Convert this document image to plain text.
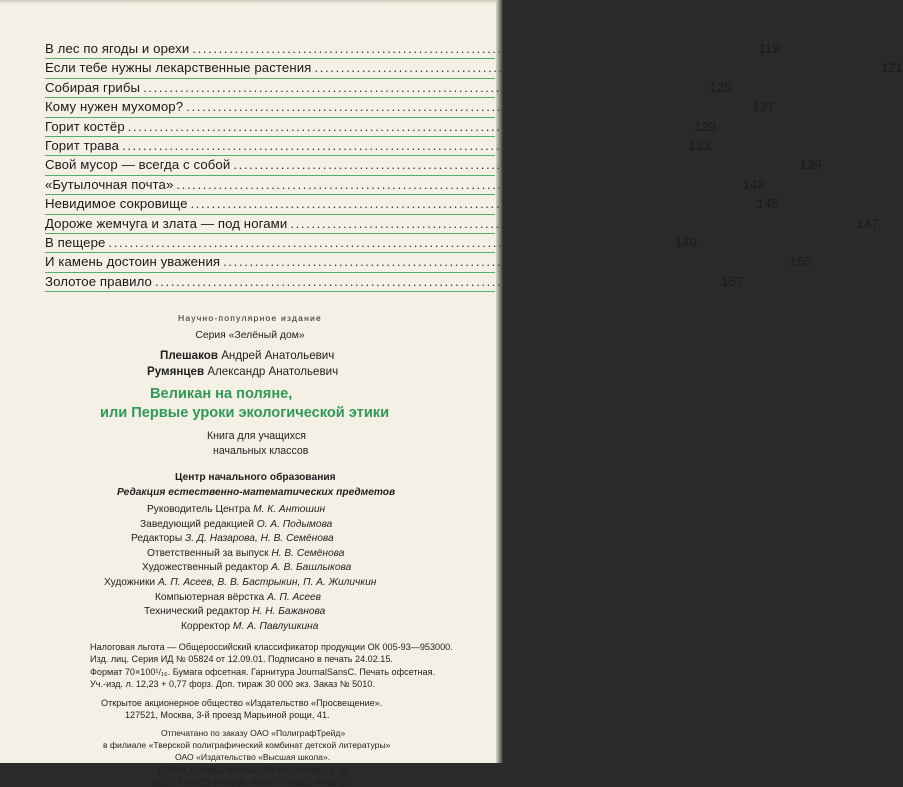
В лес по ягоды и орехи ........................................................................................................... 119
Если тебе нужны лекарственные растения ........................................................................................................... 121
Собирая грибы ........................................................................................................... 125
Кому нужен мухомор? ........................................................................................................... 127
Горит костёр ........................................................................................................... 129
Горит трава ........................................................................................................... 133
Свой мусор — всегда с собой ........................................................................................................... 139
«Бутылочная почта» ........................................................................................................... 143
Невидимое сокровище ........................................................................................................... 145
Дороже жемчуга и злата — под ногами ........................................................................................................... 147
В пещере ........................................................................................................... 149
И камень достоин уважения ........................................................................................................... 155
Золотое правило ........................................................................................................... 157
Научно-популярное издание
Серия «Зелёный дом»
Плешаков Андрей Анатольевич
Румянцев Александр Анатольевич
Великан на поляне,
или Первые уроки экологической этики
Книга для учащихся
начальных классов
Центр начального образования
Редакция естественно-математических предметов
Руководитель Центра М. К. Антошин
Заведующий редакцией О. А. Подымова
Редакторы З. Д. Назарова, Н. В. Семёнова
Ответственный за выпуск Н. В. Семёнова
Художественный редактор А. В. Башлыкова
Художники А. П. Асеев, В. В. Бастрыкин, П. А. Жиличкин
Компьютерная вёрстка А. П. Асеев
Технический редактор Н. Н. Бажанова
Корректор М. А. Павлушкина
Налоговая льгота — Общероссийский классификатор продукции ОК 005-93—953000.
Изд. лиц. Серия ИД № 05824 от 12.09.01. Подписано в печать 24.02.15.
Формат 70×100¹/₁₆. Бумага офсетная. Гарнитура JournalSansC. Печать офсетная.
Уч.-изд. л. 12,23 + 0,77 форз. Доп. тираж 30 000 экз. Заказ № 5010.
Открытое акционерное общество «Издательство «Просвещение».
127521, Москва, 3-й проезд Марьиной рощи, 41.
Отпечатано по заказу ОАО «ПолиграфТрейд»
в филиале «Тверской полиграфический комбинат детской литературы»
ОАО «Издательство «Высшая школа».
170040, г. Тверь, проспект 50 лет Октября, д. 46
Тел.: +7 (4822) 44-85-98. Факс: +7 (4822) 44-61-51
